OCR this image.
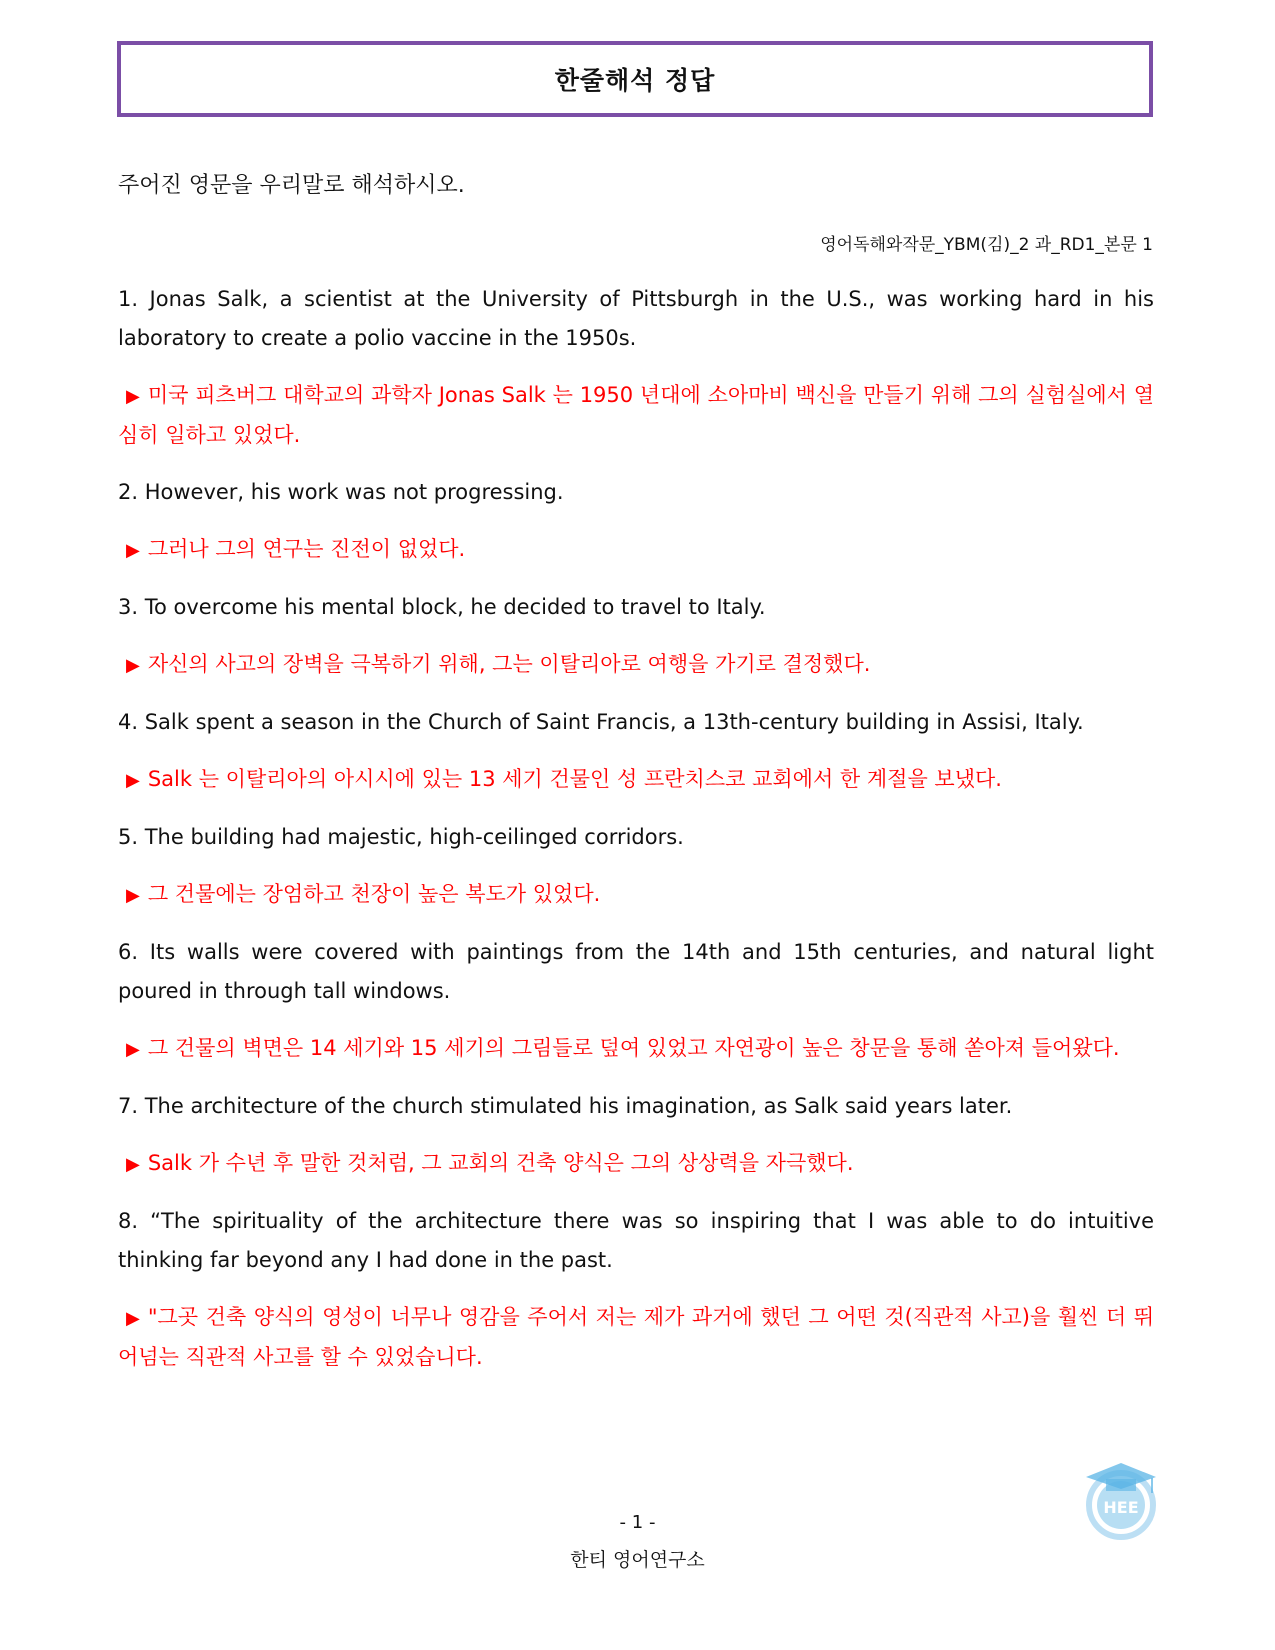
한줄해석 정답
주어진 영문을 우리말로 해석하시오.
영어독해와작문_YBM(김)_2 과_RD1_본문 1

1. Jonas Salk, a scientist at the University of Pittsburgh in the U.S., was working hard in his laboratory to create a polio vaccine in the 1950s.

▶ 미국 피츠버그 대학교의 과학자 Jonas Salk 는 1950 년대에 소아마비 백신을 만들기 위해 그의 실험실에서 열심히 일하고 있었다.

2. However, his work was not progressing.

▶ 그러나 그의 연구는 진전이 없었다.

3. To overcome his mental block, he decided to travel to Italy.

▶ 자신의 사고의 장벽을 극복하기 위해, 그는 이탈리아로 여행을 가기로 결정했다.

4. Salk spent a season in the Church of Saint Francis, a 13th-century building in Assisi, Italy.

▶ Salk 는 이탈리아의 아시시에 있는 13 세기 건물인 성 프란치스코 교회에서 한 계절을 보냈다.

5. The building had majestic, high-ceilinged corridors.

▶ 그 건물에는 장엄하고 천장이 높은 복도가 있었다.

6. Its walls were covered with paintings from the 14th and 15th centuries, and natural light poured in through tall windows.

▶ 그 건물의 벽면은 14 세기와 15 세기의 그림들로 덮여 있었고 자연광이 높은 창문을 통해 쏟아져 들어왔다.

7. The architecture of the church stimulated his imagination, as Salk said years later.

▶ Salk 가 수년 후 말한 것처럼, 그 교회의 건축 양식은 그의 상상력을 자극했다.

8. “The spirituality of the architecture there was so inspiring that I was able to do intuitive thinking far beyond any I had done in the past.

▶ "그곳 건축 양식의 영성이 너무나 영감을 주어서 저는 제가 과거에 했던 그 어떤 것(직관적 사고)을 훨씬 더 뛰어넘는 직관적 사고를 할 수 있었습니다.

HEE
- 1 -
한티 영어연구소
